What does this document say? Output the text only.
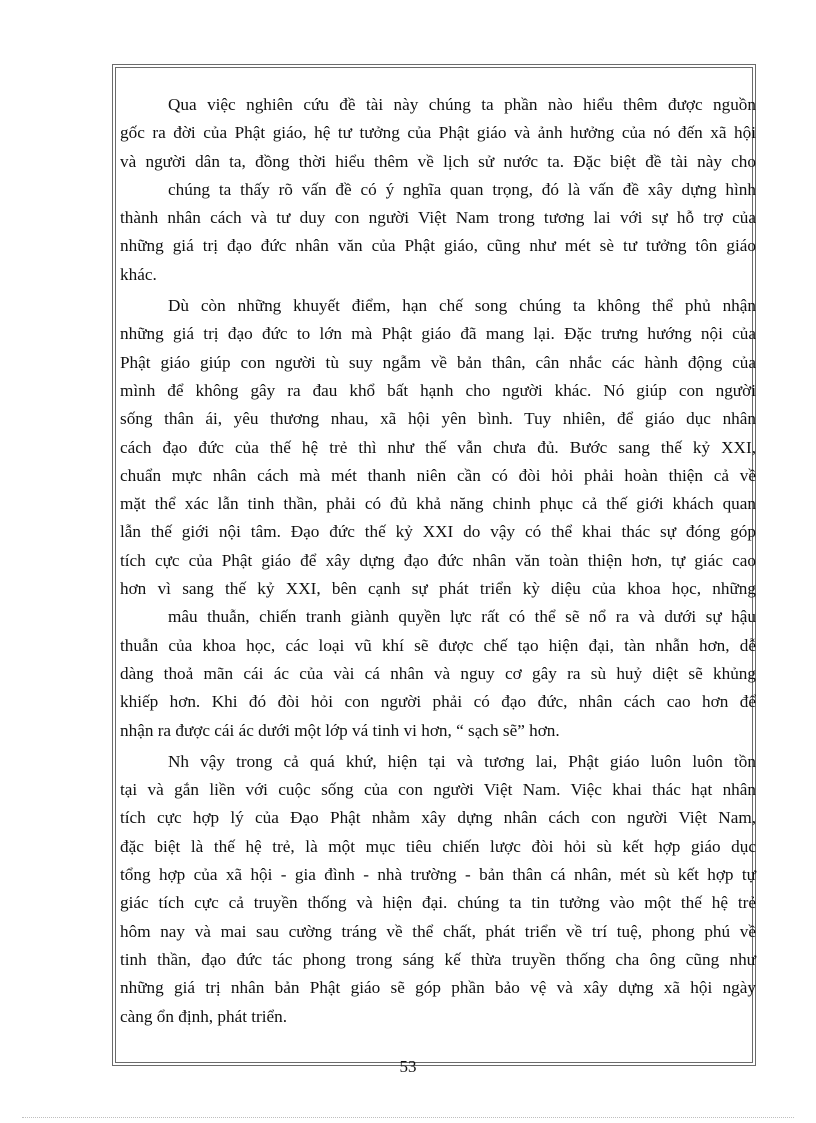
Qua việc nghiên cứu đề tài này chúng ta phần nào hiểu thêm được nguồn
gốc ra đời của Phật giáo, hệ tư tưởng của Phật giáo và ảnh hưởng của nó đến xã hội
và người dân ta, đồng thời hiểu thêm về lịch sử nước ta. Đặc biệt đề tài này cho
chúng ta thấy rõ vấn đề có ý nghĩa quan trọng, đó là vấn đề xây dựng hình
thành nhân cách và tư duy con người Việt Nam trong tương lai với sự hỗ trợ của
những giá trị đạo đức nhân văn của Phật giáo, cũng như mét sè tư tưởng tôn giáo
khác.
Dù còn những khuyết điểm, hạn chế song chúng ta không thể phủ nhận
những giá trị đạo đức to lớn mà Phật giáo đã mang lại. Đặc trưng hướng nội của
Phật giáo giúp con người tù suy ngẫm về bản thân, cân nhắc các hành động của
mình để không gây ra đau khổ bất hạnh cho người khác. Nó giúp con người
sống thân ái, yêu thương nhau, xã hội yên bình. Tuy nhiên, để giáo dục nhân
cách đạo đức của thế hệ trẻ thì như thế vẫn chưa đủ. Bước sang thế kỷ XXI,
chuẩn mực nhân cách mà mét thanh niên cần có đòi hỏi phải hoàn thiện cả về
mặt thể xác lẫn tinh thần, phải có đủ khả năng chinh phục cả thế giới khách quan
lẫn thế giới nội tâm. Đạo đức thế kỷ XXI do vậy có thể khai thác sự đóng góp
tích cực của Phật giáo để xây dựng đạo đức nhân văn toàn thiện hơn, tự giác cao
hơn vì sang thế kỷ XXI, bên cạnh sự phát triển kỳ diệu của khoa học, những
mâu thuẫn, chiến tranh giành quyền lực rất có thể sẽ nổ ra và dưới sự hậu
thuẫn của khoa học, các loại vũ khí sẽ được chế tạo hiện đại, tàn nhẫn hơn, dễ
dàng thoả mãn cái ác của vài cá nhân và nguy cơ gây ra sù huỷ diệt sẽ khủng
khiếp hơn. Khi đó đòi hỏi con người phải có đạo đức, nhân cách cao hơn để
nhận ra được cái ác dưới một lớp vá tinh vi hơn, “ sạch sẽ” hơn.
Nh vậy trong cả quá khứ, hiện tại và tương lai, Phật giáo luôn luôn tồn
tại và gắn liền với cuộc sống của con người Việt Nam. Việc khai thác hạt nhân
tích cực hợp lý của Đạo Phật nhằm xây dựng nhân cách con người Việt Nam,
đặc biệt là thế hệ trẻ, là một mục tiêu chiến lược đòi hỏi sù kết hợp giáo dục
tổng hợp của xã hội - gia đình - nhà trường - bản thân cá nhân, mét sù kết hợp tự
giác tích cực cả truyền thống và hiện đại. chúng ta tin tưởng vào một thế hệ trẻ
hôm nay và mai sau cường tráng về thể chất, phát triển về trí tuệ, phong phú về
tinh thần, đạo đức tác phong trong sáng kế thừa truyền thống cha ông cũng như
những giá trị nhân bản Phật giáo sẽ góp phần bảo vệ và xây dựng xã hội ngày
càng ổn định, phát triển.
53
